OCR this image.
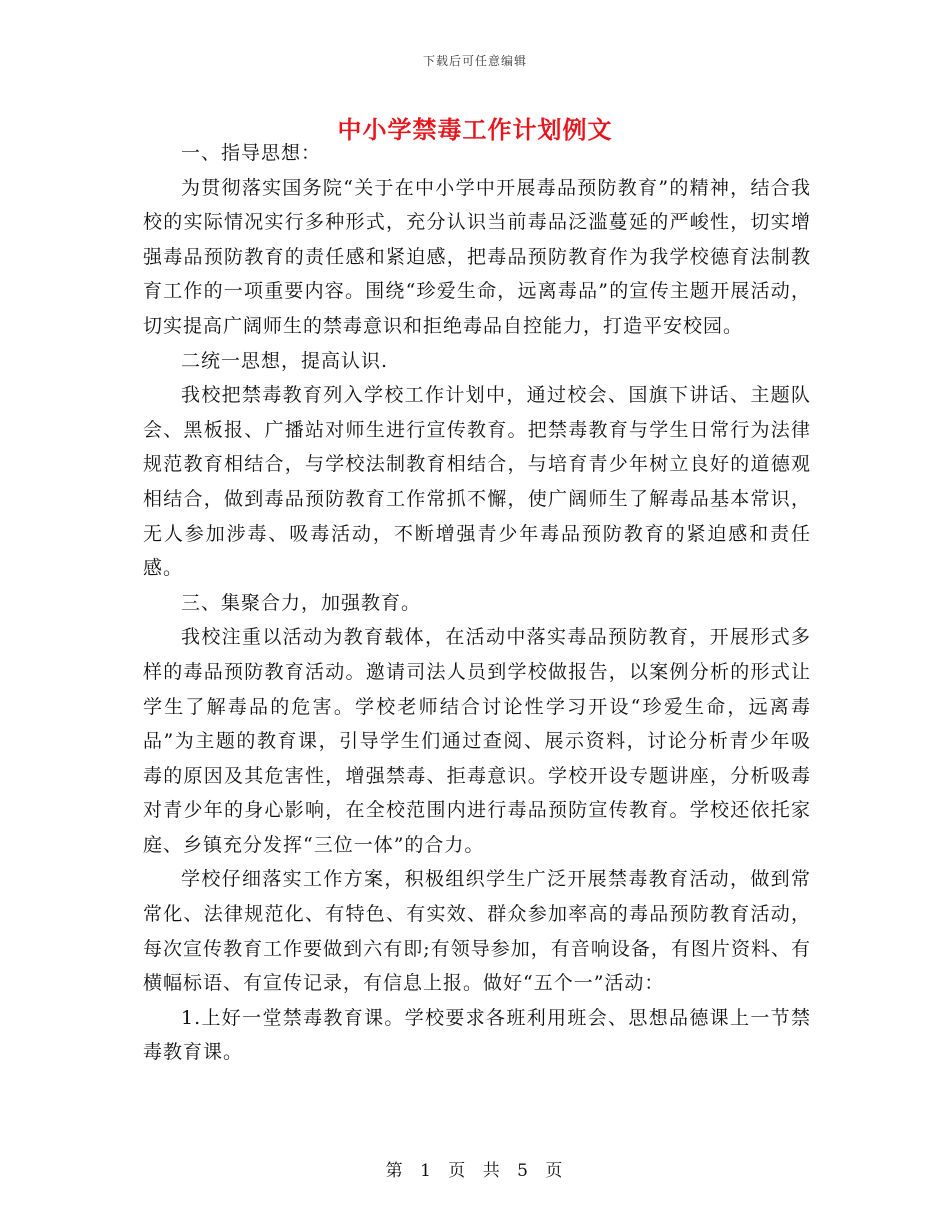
下载后可任意编辑
中小学禁毒工作计划例文

一、指导思想：

为贯彻落实国务院“关于在中小学中开展毒品预防教育”的精神，结合我校的实际情况实行多种形式，充分认识当前毒品泛滥蔓延的严峻性，切实增强毒品预防教育的责任感和紧迫感，把毒品预防教育作为我学校德育法制教育工作的一项重要内容。围绕“珍爱生命，远离毒品”的宣传主题开展活动，切实提高广阔师生的禁毒意识和拒绝毒品自控能力，打造平安校园。

二统一思想，提高认识.

我校把禁毒教育列入学校工作计划中，通过校会、国旗下讲话、主题队会、黑板报、广播站对师生进行宣传教育。把禁毒教育与学生日常行为法律规范教育相结合，与学校法制教育相结合，与培育青少年树立良好的道德观相结合，做到毒品预防教育工作常抓不懈，使广阔师生了解毒品基本常识，无人参加涉毒、吸毒活动，不断增强青少年毒品预防教育的紧迫感和责任感。

三、集聚合力，加强教育。

我校注重以活动为教育载体，在活动中落实毒品预防教育，开展形式多样的毒品预防教育活动。邀请司法人员到学校做报告，以案例分析的形式让学生了解毒品的危害。学校老师结合讨论性学习开设“珍爱生命，远离毒品”为主题的教育课，引导学生们通过查阅、展示资料，讨论分析青少年吸毒的原因及其危害性，增强禁毒、拒毒意识。学校开设专题讲座，分析吸毒对青少年的身心影响，在全校范围内进行毒品预防宣传教育。学校还依托家庭、乡镇充分发挥“三位一体”的合力。

学校仔细落实工作方案，积极组织学生广泛开展禁毒教育活动，做到常常化、法律规范化、有特色、有实效、群众参加率高的毒品预防教育活动，每次宣传教育工作要做到六有即;有领导参加，有音响设备，有图片资料、有横幅标语、有宣传记录，有信息上报。做好“五个一”活动：

1.上好一堂禁毒教育课。学校要求各班利用班会、思想品德课上一节禁毒教育课。

第 1 页 共 5 页
